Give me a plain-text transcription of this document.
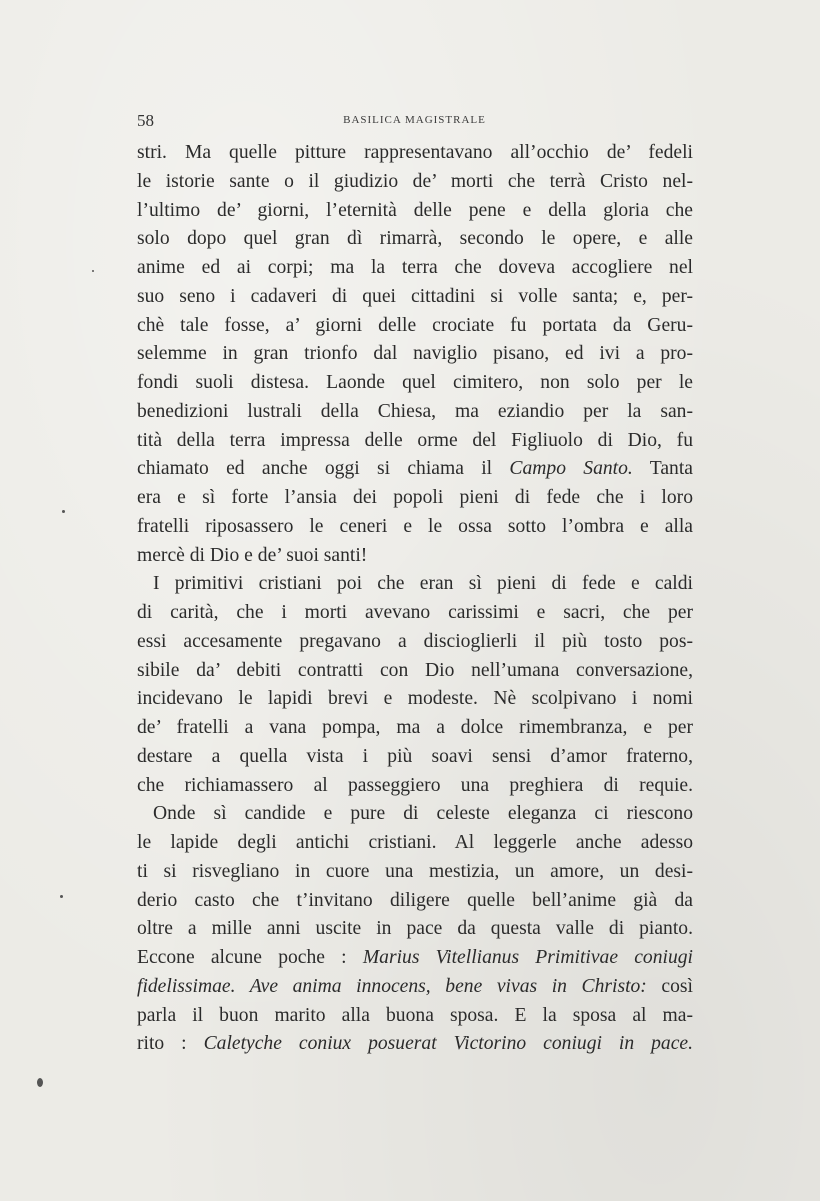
58	BASILICA MAGISTRALE
stri. Ma quelle pitture rappresentavano all’occhio de’ fedeli
le istorie sante o il giudizio de’ morti che terrà Cristo nel-
l’ultimo de’ giorni, l’eternità delle pene e della gloria che
solo dopo quel gran dì rimarrà, secondo le opere, e alle
anime ed ai corpi; ma la terra che doveva accogliere nel
suo seno i cadaveri di quei cittadini si volle santa; e, per-
chè tale fosse, a’ giorni delle crociate fu portata da Geru-
selemme in gran trionfo dal naviglio pisano, ed ivi a pro-
fondi suoli distesa. Laonde quel cimitero, non solo per le
benedizioni lustrali della Chiesa, ma eziandio per la san-
tità della terra impressa delle orme del Figliuolo di Dio, fu
chiamato ed anche oggi si chiama il Campo Santo. Tanta
era e sì forte l’ansia dei popoli pieni di fede che i loro
fratelli riposassero le ceneri e le ossa sotto l’ombra e alla
mercè di Dio e de’ suoi santi!
I primitivi cristiani poi che eran sì pieni di fede e caldi
di carità, che i morti avevano carissimi e sacri, che per
essi accesamente pregavano a discioglierli il più tosto pos-
sibile da’ debiti contratti con Dio nell’umana conversazione,
incidevano le lapidi brevi e modeste. Nè scolpivano i nomi
de’ fratelli a vana pompa, ma a dolce rimembranza, e per
destare a quella vista i più soavi sensi d’amor fraterno,
che richiamassero al passeggiero una preghiera di requie.
Onde sì candide e pure di celeste eleganza ci riescono
le lapide degli antichi cristiani. Al leggerle anche adesso
ti si risvegliano in cuore una mestizia, un amore, un desi-
derio casto che t’invitano diligere quelle bell’anime già da
oltre a mille anni uscite in pace da questa valle di pianto.
Eccone alcune poche : Marius Vitellianus Primitivae coniugi
fidelissimae. Ave anima innocens, bene vivas in Christo: così
parla il buon marito alla buona sposa. E la sposa al ma-
rito : Caletyche coniux posuerat Victorino coniugi in pace.
